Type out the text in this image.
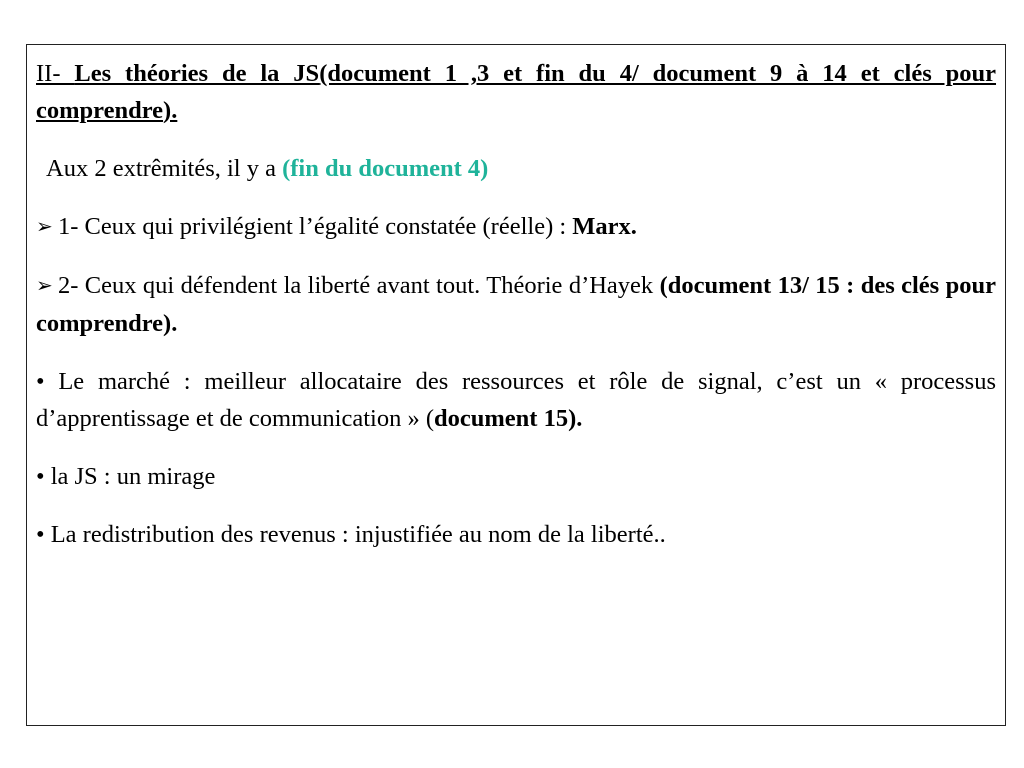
II- Les théories de la JS(document 1 ,3 et fin du 4/ document 9 à 14 et clés pour comprendre).

Aux 2 extrêmités, il y a (fin du document 4)

➢ 1- Ceux qui privilégient l’égalité constatée (réelle) : Marx.

➢ 2- Ceux qui défendent la liberté avant tout. Théorie d’Hayek (document 13/ 15 : des clés pour comprendre).

• Le marché : meilleur allocataire des ressources et rôle de signal, c’est un « processus d’apprentissage et de communication » (document 15).

• la JS : un mirage

• La redistribution des revenus : injustifiée au nom de la liberté..
